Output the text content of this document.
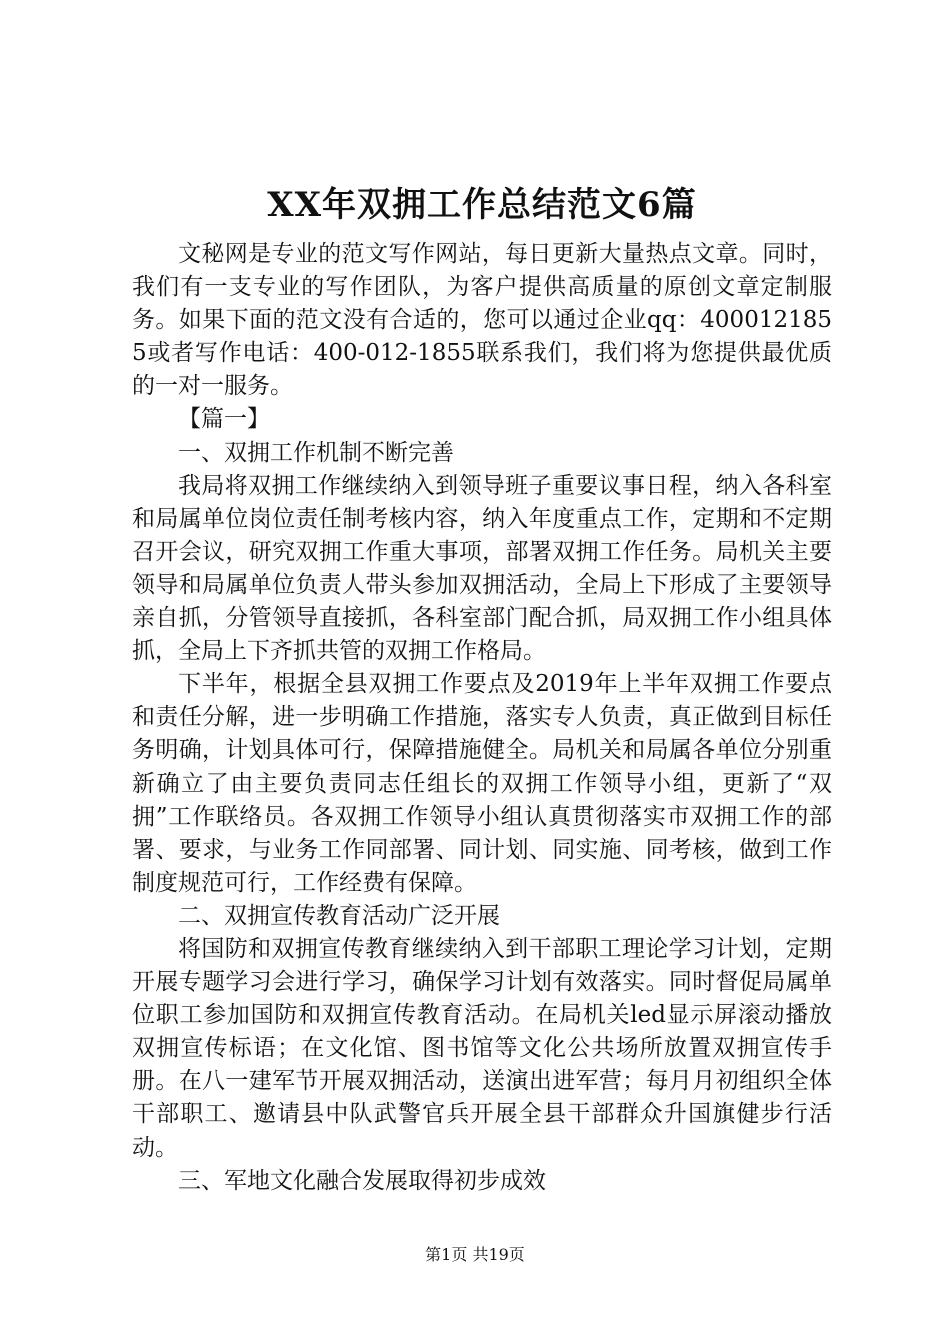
XX年双拥工作总结范文6篇

文秘网是专业的范文写作网站，每日更新大量热点文章。同时，我们有一支专业的写作团队，为客户提供高质量的原创文章定制服务。如果下面的范文没有合适的，您可以通过企业qq：4000121855或者写作电话：400-012-1855联系我们，我们将为您提供最优质的一对一服务。

【篇一】

一、双拥工作机制不断完善

我局将双拥工作继续纳入到领导班子重要议事日程，纳入各科室和局属单位岗位责任制考核内容，纳入年度重点工作，定期和不定期召开会议，研究双拥工作重大事项，部署双拥工作任务。局机关主要领导和局属单位负责人带头参加双拥活动，全局上下形成了主要领导亲自抓，分管领导直接抓，各科室部门配合抓，局双拥工作小组具体抓，全局上下齐抓共管的双拥工作格局。

下半年，根据全县双拥工作要点及2019年上半年双拥工作要点和责任分解，进一步明确工作措施，落实专人负责，真正做到目标任务明确，计划具体可行，保障措施健全。局机关和局属各单位分别重新确立了由主要负责同志任组长的双拥工作领导小组，更新了“双拥”工作联络员。各双拥工作领导小组认真贯彻落实市双拥工作的部署、要求，与业务工作同部署、同计划、同实施、同考核，做到工作制度规范可行，工作经费有保障。

二、双拥宣传教育活动广泛开展

将国防和双拥宣传教育继续纳入到干部职工理论学习计划，定期开展专题学习会进行学习，确保学习计划有效落实。同时督促局属单位职工参加国防和双拥宣传教育活动。在局机关led显示屏滚动播放双拥宣传标语；在文化馆、图书馆等文化公共场所放置双拥宣传手册。在八一建军节开展双拥活动，送演出进军营；每月月初组织全体干部职工、邀请县中队武警官兵开展全县干部群众升国旗健步行活动。

三、军地文化融合发展取得初步成效

第1页 共19页
